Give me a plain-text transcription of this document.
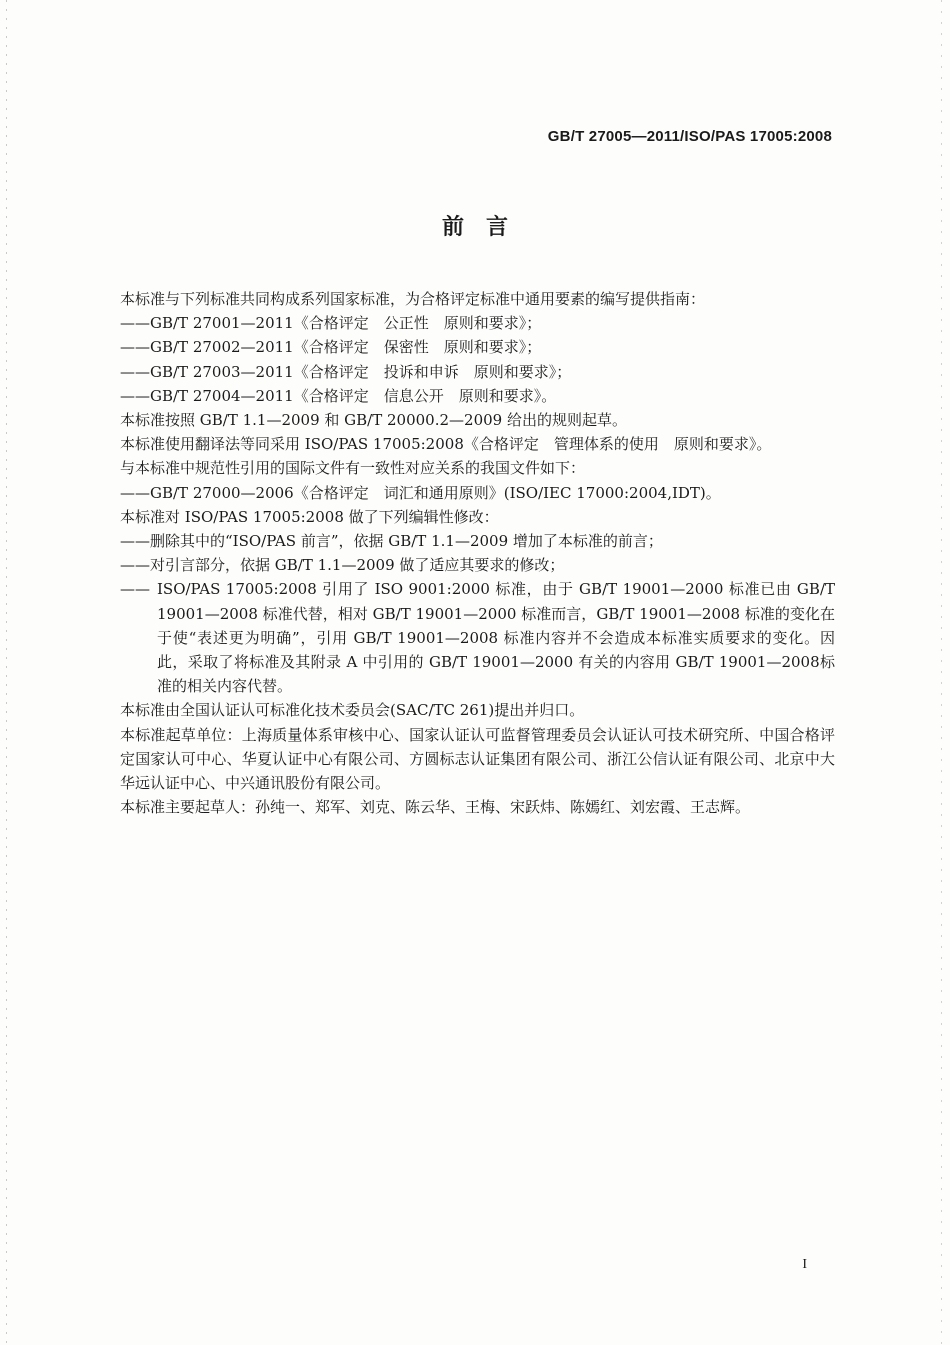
GB/T 27005—2011/ISO/PAS 17005:2008
前言

本标准与下列标准共同构成系列国家标准，为合格评定标准中通用要素的编写提供指南：

——GB/T 27001—2011《合格评定　公正性　原则和要求》；

——GB/T 27002—2011《合格评定　保密性　原则和要求》；

——GB/T 27003—2011《合格评定　投诉和申诉　原则和要求》；

——GB/T 27004—2011《合格评定　信息公开　原则和要求》。

本标准按照 GB/T 1.1—2009 和 GB/T 20000.2—2009 给出的规则起草。

本标准使用翻译法等同采用 ISO/PAS 17005:2008《合格评定　管理体系的使用　原则和要求》。

与本标准中规范性引用的国际文件有一致性对应关系的我国文件如下：

——GB/T 27000—2006《合格评定　词汇和通用原则》(ISO/IEC 17000:2004,IDT)。

本标准对 ISO/PAS 17005:2008 做了下列编辑性修改：

——删除其中的“ISO/PAS 前言”，依据 GB/T 1.1—2009 增加了本标准的前言；

——对引言部分，依据 GB/T 1.1—2009 做了适应其要求的修改；

—— ISO/PAS 17005:2008 引用了 ISO 9001:2000 标准，由于 GB/T 19001—2000 标准已由 GB/T 19001—2008 标准代替，相对 GB/T 19001—2000 标准而言，GB/T 19001—2008 标准的变化在于使“表述更为明确”，引用 GB/T 19001—2008 标准内容并不会造成本标准实质要求的变化。因此，采取了将标准及其附录 A 中引用的 GB/T 19001—2000 有关的内容用 GB/T 19001—2008标准的相关内容代替。

本标准由全国认证认可标准化技术委员会(SAC/TC 261)提出并归口。

本标准起草单位：上海质量体系审核中心、国家认证认可监督管理委员会认证认可技术研究所、中国合格评定国家认可中心、华夏认证中心有限公司、方圆标志认证集团有限公司、浙江公信认证有限公司、北京中大华远认证中心、中兴通讯股份有限公司。

本标准主要起草人：孙纯一、郑军、刘克、陈云华、王梅、宋跃炜、陈嫣红、刘宏霞、王志辉。

I
